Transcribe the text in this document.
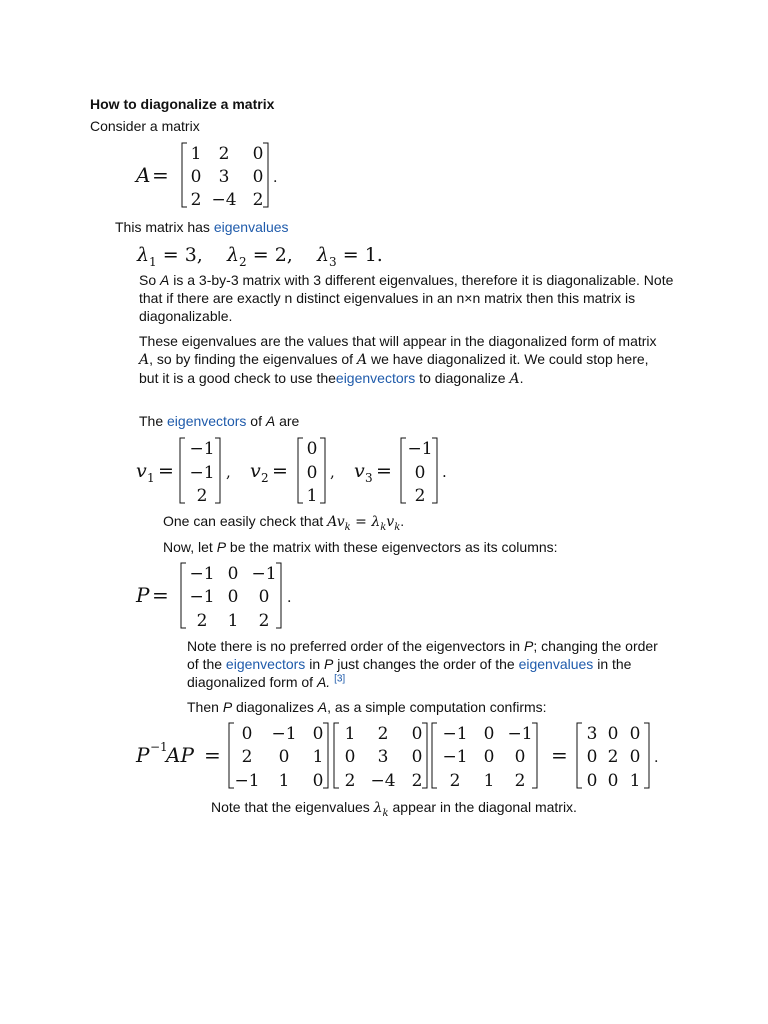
How to diagonalize a matrix
Consider a matrix
A =
1 2 0
0 3 0
2 −4 2
.
This matrix has eigenvalues
$\lambda_1 = 3$, $\lambda_2 = 2$, $\lambda_3 = 1$.
So A is a 3-by-3 matrix with 3 different eigenvalues, therefore it is diagonalizable. Note that if there are exactly n distinct eigenvalues in an n×n matrix then this matrix is diagonalizable.
These eigenvalues are the values that will appear in the diagonalized form of matrix A, so by finding the eigenvalues of A we have diagonalized it. We could stop here, but it is a good check to use theeigenvectors to diagonalize A.
The eigenvectors of A are
v 1 =
−1
−1
2
, v 2 =
0
0
1
, v 3 =
−1
0
2
.
One can easily check that $Av_k = \lambda_kv_k$.
Now, let P be the matrix with these eigenvectors as its columns:
P =
−1 0 −1
−1 0 0
2 1 2
.
Note there is no preferred order of the eigenvectors in P; changing the order of the eigenvectors in P just changes the order of the eigenvalues in the diagonalized form of A. [3]
Then P diagonalizes A, as a simple computation confirms:
P −1
AP =
0 −1 0
2 0 1
−1 1 0
1 2 0
0 3 0
2 −4 2
−1 0 −1
−1 0 0
2 1 2
=
3 0 0
0 2 0
0 0 1
.
Note that the eigenvalues $\lambda_k$ appear in the diagonal matrix.
